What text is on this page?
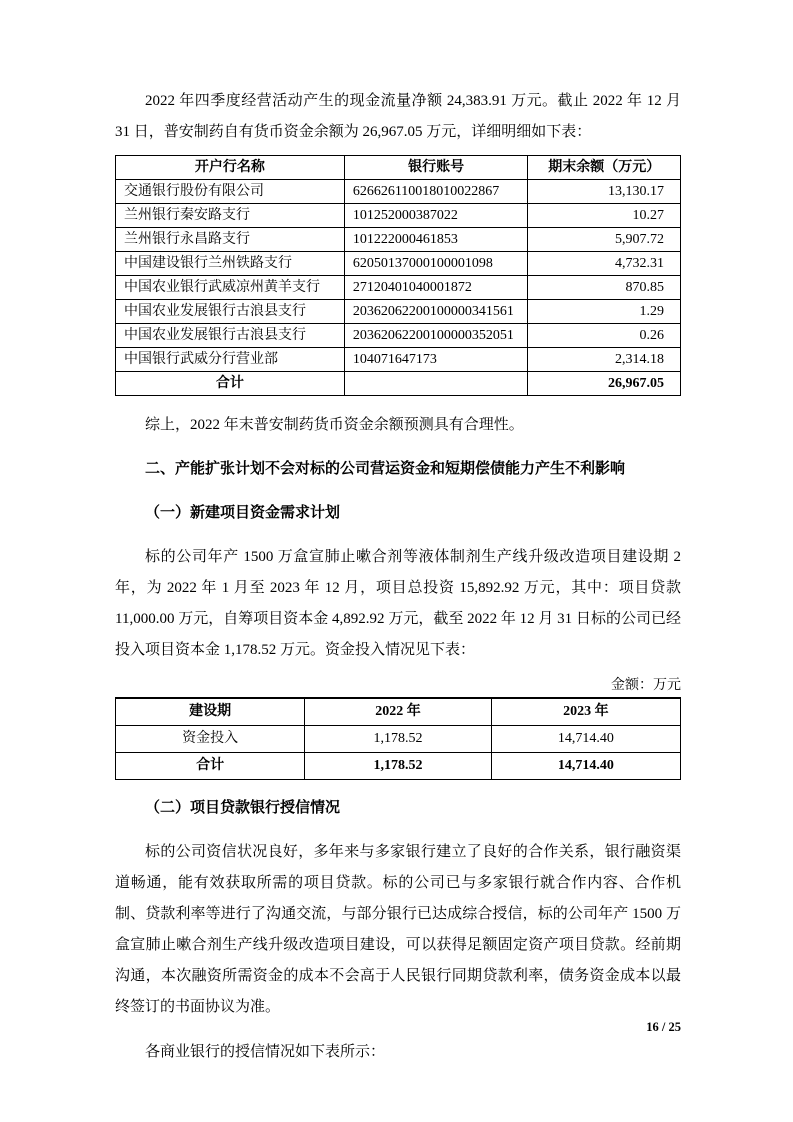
2022 年四季度经营活动产生的现金流量净额 24,383.91 万元。截止 2022 年 12 月 31 日，普安制药自有货币资金余额为 26,967.05 万元，详细明细如下表：

开户行名称	银行账号	期末余额（万元）
交通银行股份有限公司	626626110018010022867	13,130.17
兰州银行秦安路支行	101252000387022	10.27
兰州银行永昌路支行	101222000461853	5,907.72
中国建设银行兰州铁路支行	62050137000100001098	4,732.31
中国农业银行武威凉州黄羊支行	27120401040001872	870.85
中国农业发展银行古浪县支行	20362062200100000341561	1.29
中国农业发展银行古浪县支行	20362062200100000352051	0.26
中国银行武威分行营业部	104071647173	2,314.18
合计		26,967.05

综上，2022 年末普安制药货币资金余额预测具有合理性。

二、产能扩张计划不会对标的公司营运资金和短期偿债能力产生不利影响
（一）新建项目资金需求计划

标的公司年产 1500 万盒宣肺止嗽合剂等液体制剂生产线升级改造项目建设期 2 年，为 2022 年 1 月至 2023 年 12 月，项目总投资 15,892.92 万元，其中：项目贷款 11,000.00 万元，自筹项目资本金 4,892.92 万元，截至 2022 年 12 月 31 日标的公司已经投入项目资本金 1,178.52 万元。资金投入情况见下表：

金额：万元
建设期	2022 年	2023 年
资金投入	1,178.52	14,714.40
合计	1,178.52	14,714.40
（二）项目贷款银行授信情况

标的公司资信状况良好，多年来与多家银行建立了良好的合作关系，银行融资渠道畅通，能有效获取所需的项目贷款。标的公司已与多家银行就合作内容、合作机制、贷款利率等进行了沟通交流，与部分银行已达成综合授信，标的公司年产 1500 万盒宣肺止嗽合剂生产线升级改造项目建设，可以获得足额固定资产项目贷款。经前期沟通，本次融资所需资金的成本不会高于人民银行同期贷款利率，债务资金成本以最终签订的书面协议为准。

各商业银行的授信情况如下表所示：

16 / 25
